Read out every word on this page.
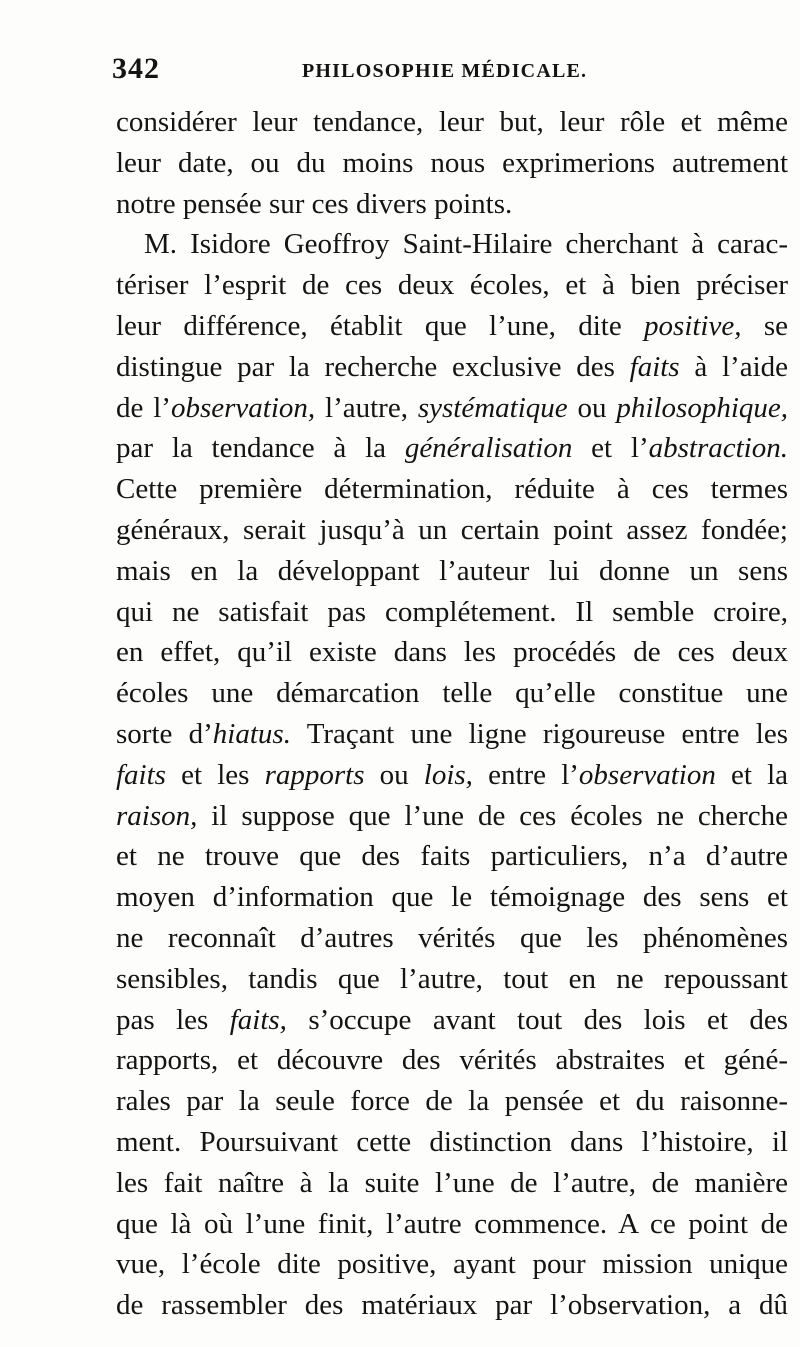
342	PHILOSOPHIE MÉDICALE.
considérer leur tendance, leur but, leur rôle et même
leur date, ou du moins nous exprimerions autrement
notre pensée sur ces divers points.
M. Isidore Geoffroy Saint-Hilaire cherchant à carac-
tériser l’esprit de ces deux écoles, et à bien préciser
leur différence, établit que l’une, dite positive, se
distingue par la recherche exclusive des faits à l’aide
de l’observation, l’autre, systématique ou philosophique,
par la tendance à la généralisation et l’abstraction.
Cette première détermination, réduite à ces termes
généraux, serait jusqu’à un certain point assez fondée;
mais en la développant l’auteur lui donne un sens
qui ne satisfait pas complétement. Il semble croire,
en effet, qu’il existe dans les procédés de ces deux
écoles une démarcation telle qu’elle constitue une
sorte d’hiatus. Traçant une ligne rigoureuse entre les
faits et les rapports ou lois, entre l’observation et la
raison, il suppose que l’une de ces écoles ne cherche
et ne trouve que des faits particuliers, n’a d’autre
moyen d’information que le témoignage des sens et
ne reconnaît d’autres vérités que les phénomènes
sensibles, tandis que l’autre, tout en ne repoussant
pas les faits, s’occupe avant tout des lois et des
rapports, et découvre des vérités abstraites et géné-
rales par la seule force de la pensée et du raisonne-
ment. Poursuivant cette distinction dans l’histoire, il
les fait naître à la suite l’une de l’autre, de manière
que là où l’une finit, l’autre commence. A ce point de
vue, l’école dite positive, ayant pour mission unique
de rassembler des matériaux par l’observation, a dû
